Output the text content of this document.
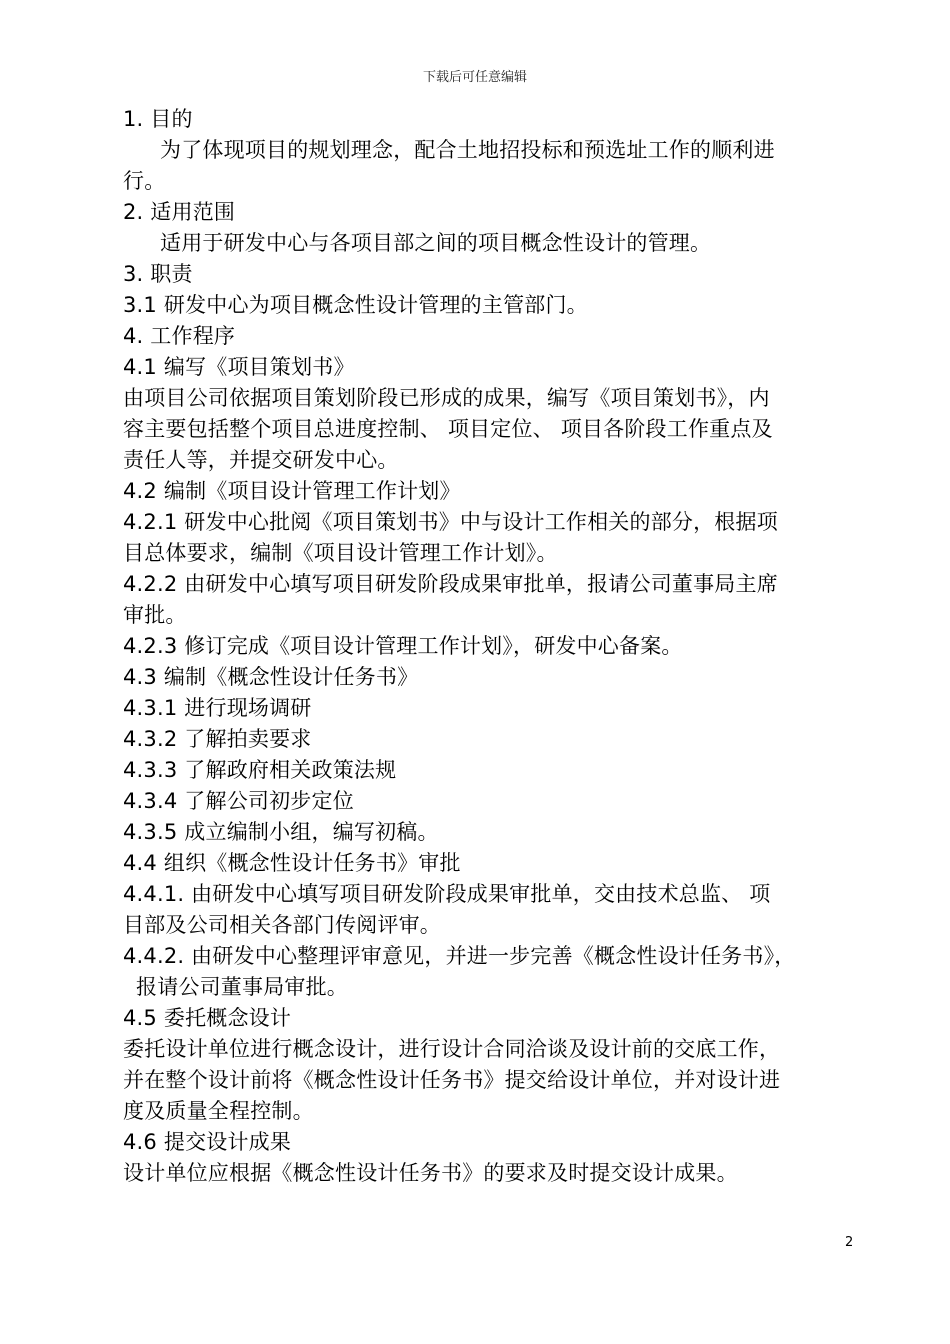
下载后可任意编辑
1. 目的
为了体现项目的规划理念，配合土地招投标和预选址工作的顺利进
行。
2. 适用范围
适用于研发中心与各项目部之间的项目概念性设计的管理。
3. 职责
3.1 研发中心为项目概念性设计管理的主管部门。
4. 工作程序
4.1 编写《项目策划书》
由项目公司依据项目策划阶段已形成的成果，编写《项目策划书》，内
容主要包括整个项目总进度控制、 项目定位、 项目各阶段工作重点及
责任人等，并提交研发中心。
4.2 编制《项目设计管理工作计划》
4.2.1 研发中心批阅《项目策划书》中与设计工作相关的部分，根据项
目总体要求，编制《项目设计管理工作计划》。
4.2.2 由研发中心填写项目研发阶段成果审批单，报请公司董事局主席
审批。
4.2.3 修订完成《项目设计管理工作计划》，研发中心备案。
4.3 编制《概念性设计任务书》
4.3.1 进行现场调研
4.3.2 了解拍卖要求
4.3.3 了解政府相关政策法规
4.3.4 了解公司初步定位
4.3.5 成立编制小组，编写初稿。
4.4 组织《概念性设计任务书》审批
4.4.1. 由研发中心填写项目研发阶段成果审批单，交由技术总监、 项
目部及公司相关各部门传阅评审。
4.4.2. 由研发中心整理评审意见，并进一步完善《概念性设计任务书》，
报请公司董事局审批。
4.5 委托概念设计
委托设计单位进行概念设计，进行设计合同洽谈及设计前的交底工作，
并在整个设计前将《概念性设计任务书》提交给设计单位，并对设计进
度及质量全程控制。
4.6 提交设计成果
设计单位应根据《概念性设计任务书》的要求及时提交设计成果。
2
